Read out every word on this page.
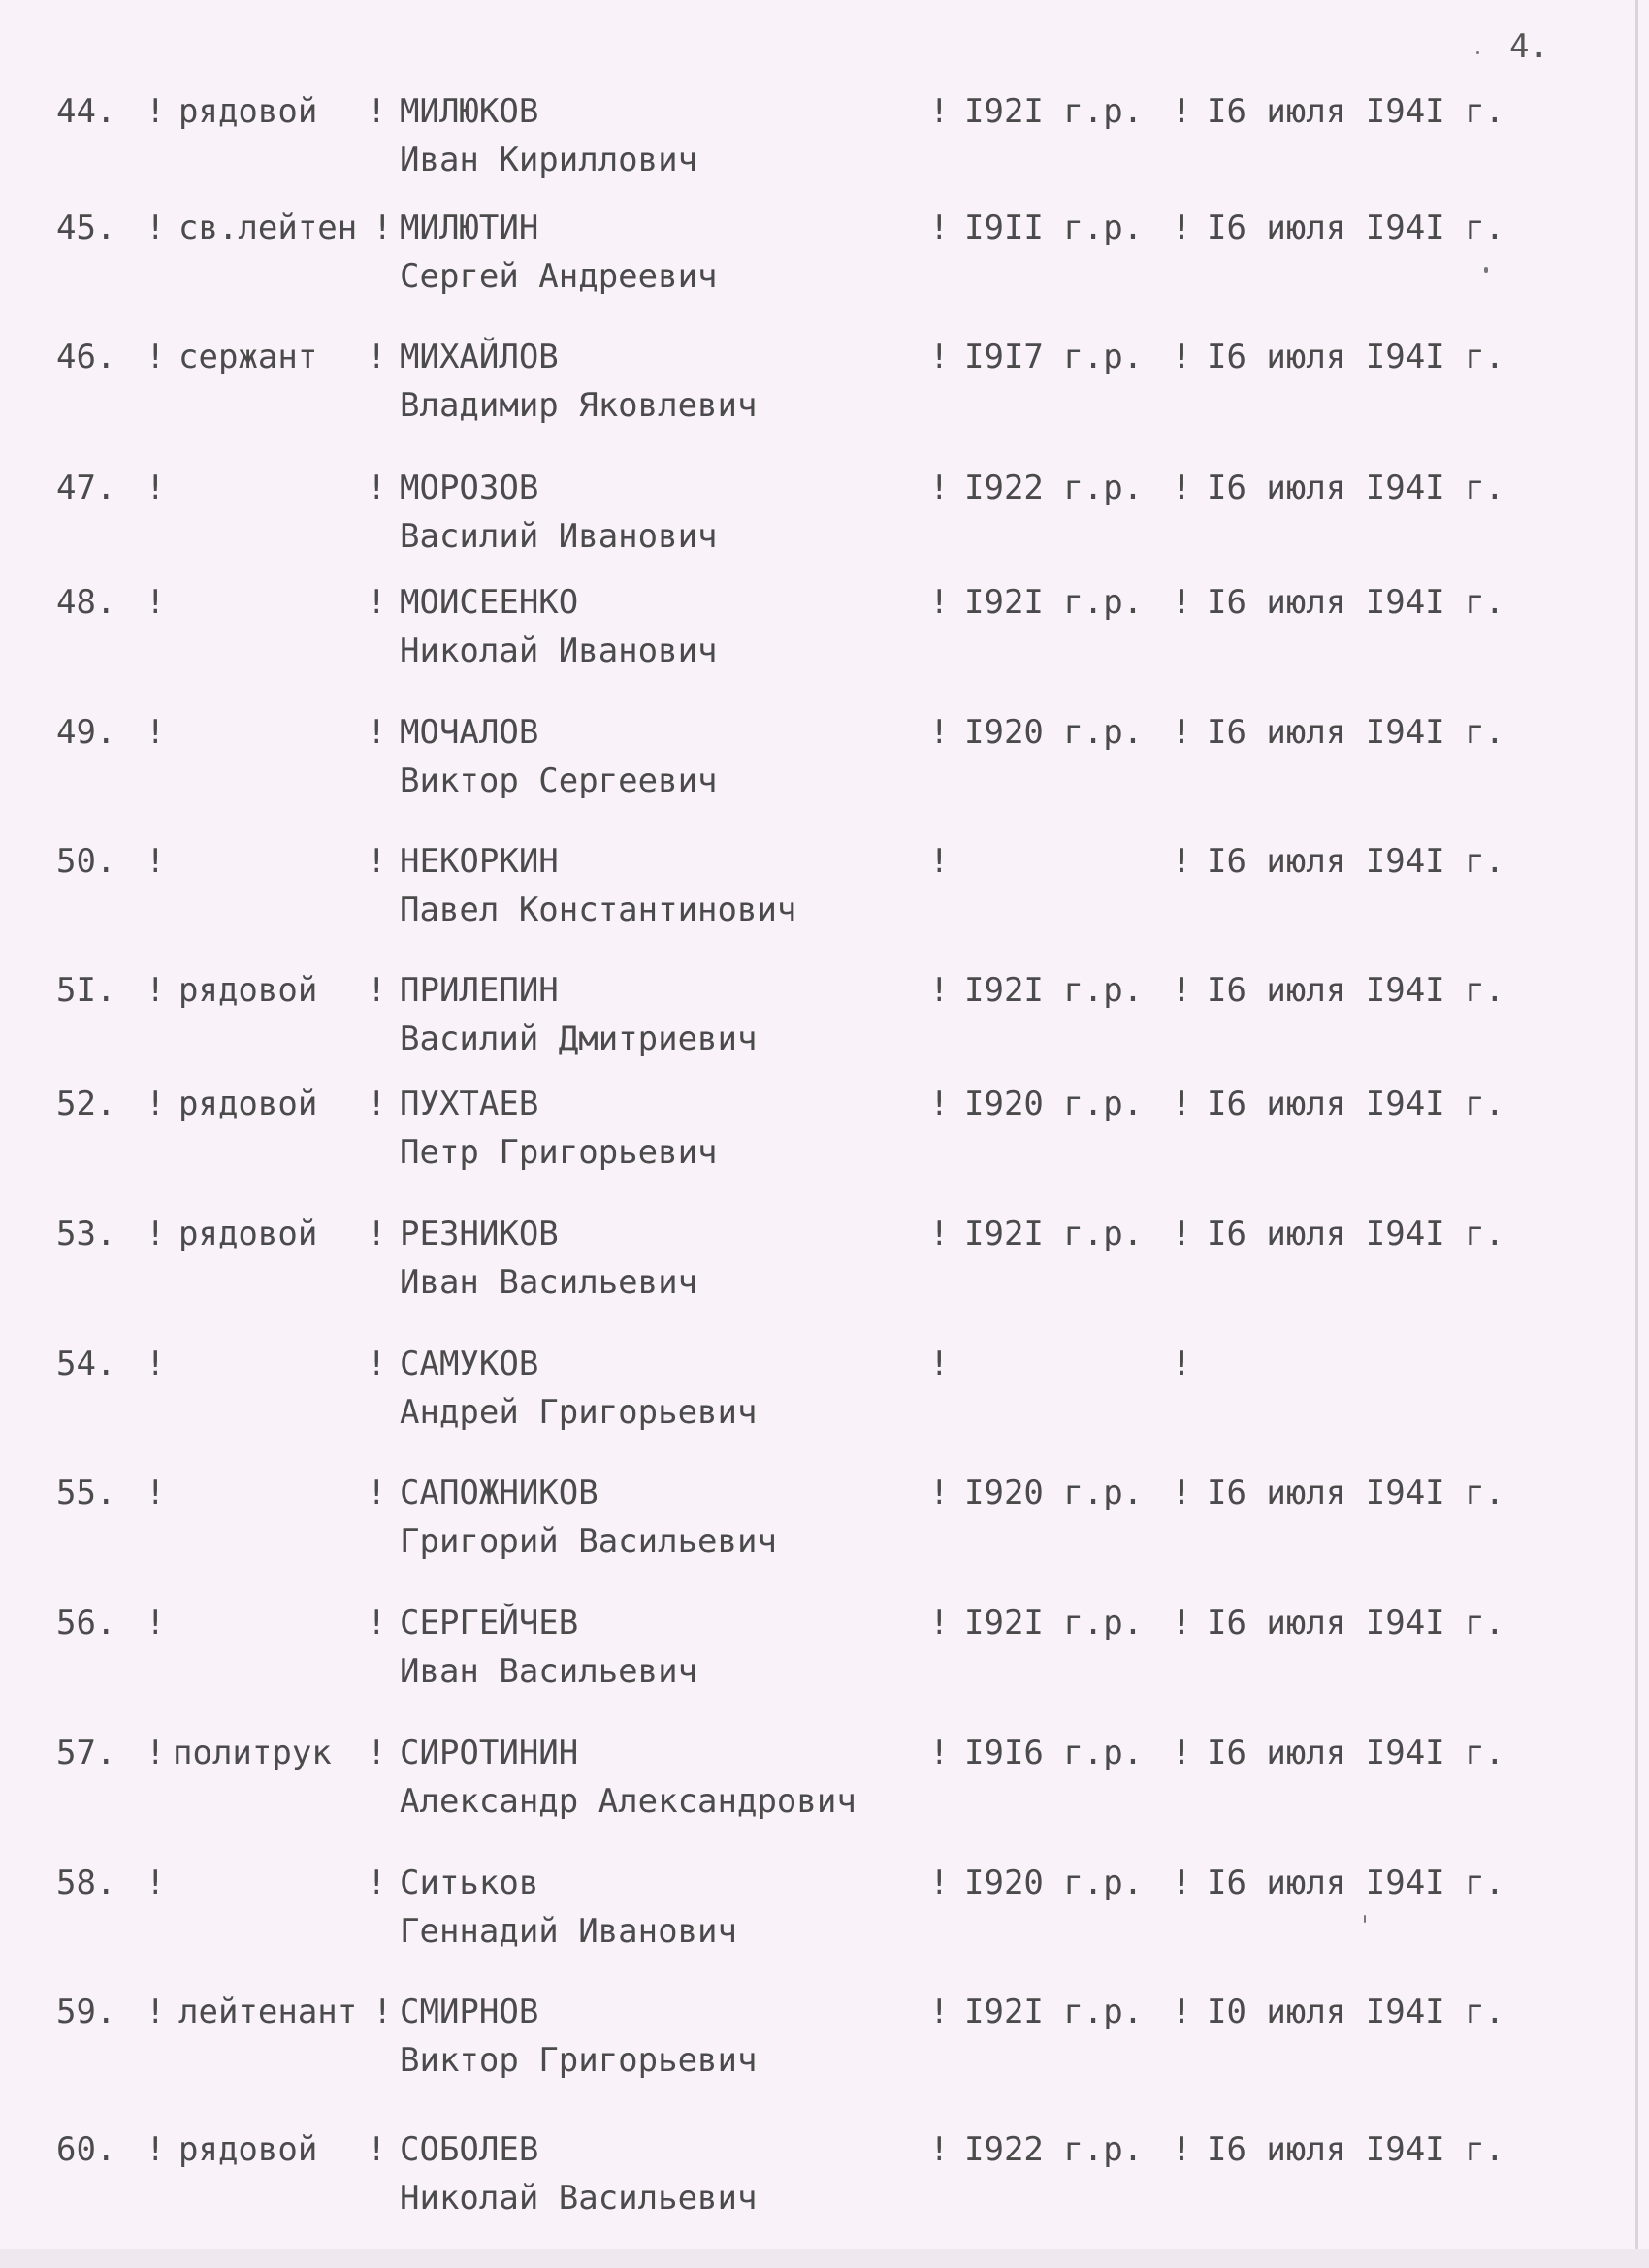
4.
44. ! рядовой ! МИЛЮКОВ
Иван Кириллович
! I92I г.р. ! I6 июля I94I г.
45. ! св.лейтен ! МИЛЮТИН
Сергей Андреевич
! I9II г.р. ! I6 июля I94I г.
46. ! сержант ! МИХАЙЛОВ
Владимир Яковлевич
! I9I7 г.р. ! I6 июля I94I г.
47. !	! МОРОЗОВ
Василий Иванович
! I922 г.р. ! I6 июля I94I г.
48. !	! МОИСЕЕНКО
Николай Иванович
! I92I г.р. ! I6 июля I94I г.
49. !	! МОЧАЛОВ
Виктор Сергеевич
! I920 г.р. ! I6 июля I94I г.
50. !	! НЕКОРКИН
Павел Константинович
!	! I6 июля I94I г.
5I. ! рядовой ! ПРИЛЕПИН
Василий Дмитриевич
! I92I г.р. ! I6 июля I94I г.
52. ! рядовой ! ПУХТАЕВ
Петр Григорьевич
! I920 г.р. ! I6 июля I94I г.
53. ! рядовой ! РЕЗНИКОВ
Иван Васильевич
! I92I г.р. ! I6 июля I94I г.
54. !	! САМУКОВ
Андрей Григорьевич
!	!
55. !	! САПОЖНИКОВ
Григорий Васильевич
! I920 г.р. ! I6 июля I94I г.
56. !	! СЕРГЕЙЧЕВ
Иван Васильевич
! I92I г.р. ! I6 июля I94I г.
57. ! политрук ! СИРОТИНИН
Александр Александрович
! I9I6 г.р. ! I6 июля I94I г.
58. !	! Ситьков
Геннадий Иванович
! I920 г.р. ! I6 июля I94I г.
59. ! лейтенант ! СМИРНОВ
Виктор Григорьевич
! I92I г.р. ! I0 июля I94I г.
60. ! рядовой ! СОБОЛЕВ
Николай Васильевич
! I922 г.р. ! I6 июля I94I г.
